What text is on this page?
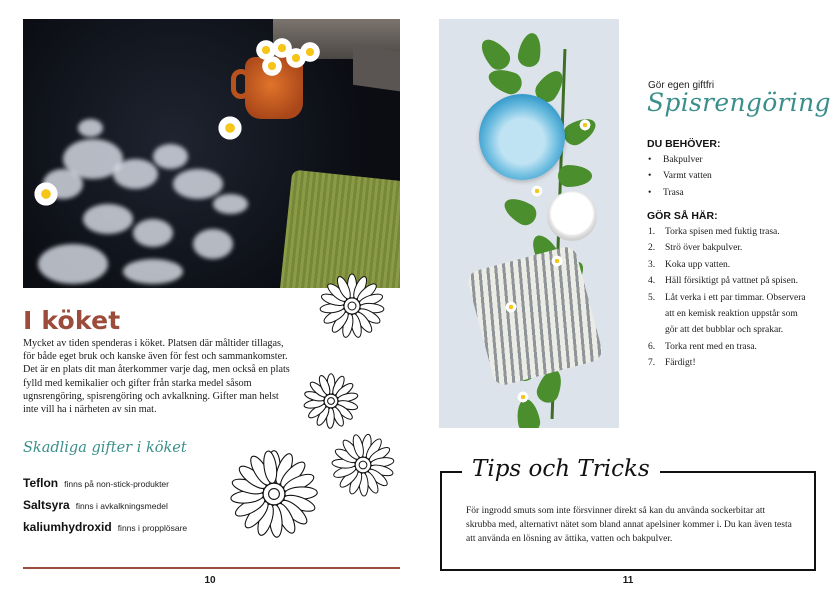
I köket

Mycket av tiden spenderas i köket. Platsen där måltider tillagas, för både eget bruk och kanske även för fest och sammankomster. Det är en plats dit man återkommer varje dag, men också en plats fylld med kemikalier och gifter från starka medel såsom ugnsrengöring, spisrengöring och avkalkning. Gifter man helst inte vill ha i närheten av sin mat.

Skadliga gifter i köket
Teflon finns på non-stick-produkter
Saltsyra finns i avkalkningsmedel
kaliumhydroxid finns i propplösare
10
Gör egen giftfri
Spisrengöring
DU BEHÖVER:
• Bakpulver
• Varmt vatten
• Trasa
GÖR SÅ HÄR:
1. Torka spisen med fuktig trasa.
2. Strö över bakpulver.
3. Koka upp vatten.
4. Häll försiktigt på vattnet på spisen.
5. Låt verka i ett par timmar. Observera att en kemisk reaktion uppstår som gör att det bubblar och sprakar.
6. Torka rent med en trasa.
7. Färdigt!
Tips och Tricks

För ingrodd smuts som inte försvinner direkt så kan du använda sockerbitar att skrubba med, alternativt nätet som bland annat apelsiner kommer i. Du kan även testa att använda en lösning av ättika, vatten och bakpulver.

11
